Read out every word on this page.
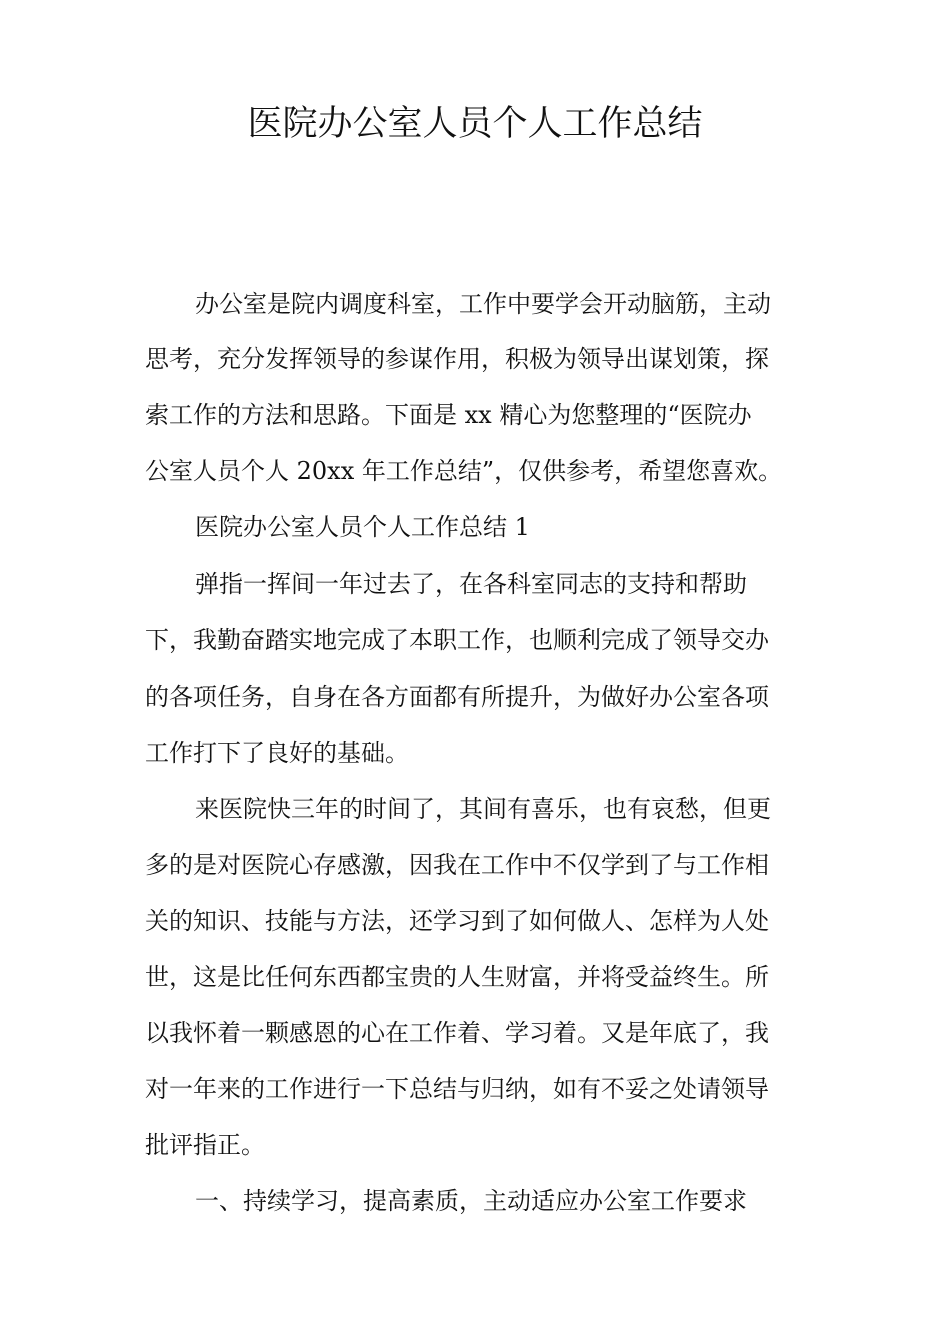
医院办公室人员个人工作总结

办公室是院内调度科室，工作中要学会开动脑筋，主动

思考，充分发挥领导的参谋作用，积极为领导出谋划策，探

索工作的方法和思路。下面是 xx 精心为您整理的“医院办

公室人员个人 20xx 年工作总结”，仅供参考，希望您喜欢。

医院办公室人员个人工作总结 1

弹指一挥间一年过去了，在各科室同志的支持和帮助

下，我勤奋踏实地完成了本职工作，也顺利完成了领导交办

的各项任务，自身在各方面都有所提升，为做好办公室各项

工作打下了良好的基础。

来医院快三年的时间了，其间有喜乐，也有哀愁，但更

多的是对医院心存感激，因我在工作中不仅学到了与工作相

关的知识、技能与方法，还学习到了如何做人、怎样为人处

世，这是比任何东西都宝贵的人生财富，并将受益终生。所

以我怀着一颗感恩的心在工作着、学习着。又是年底了，我

对一年来的工作进行一下总结与归纳，如有不妥之处请领导

批评指正。

一、持续学习，提高素质，主动适应办公室工作要求
